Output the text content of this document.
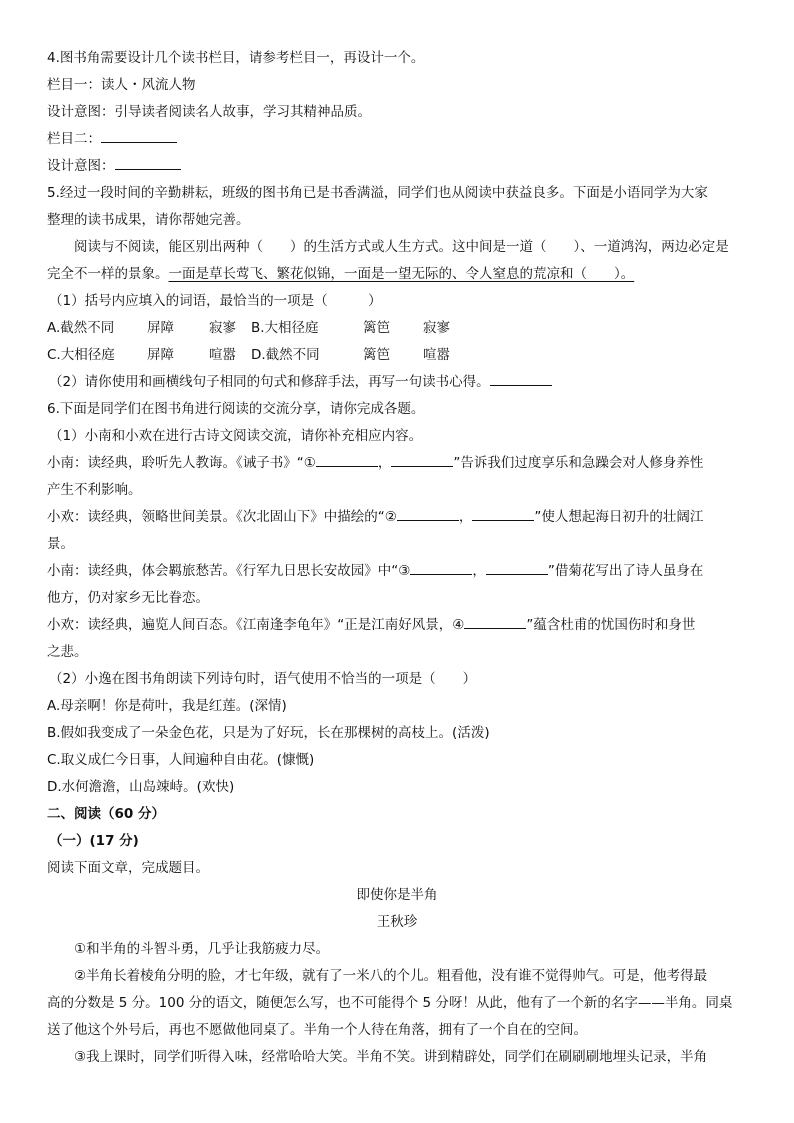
4.图书角需要设计几个读书栏目，请参考栏目一，再设计一个。
栏目一：读人・风流人物
设计意图：引导读者阅读名人故事，学习其精神品质。
栏目二：
设计意图：
5.经过一段时间的辛勤耕耘，班级的图书角已是书香满溢，同学们也从阅读中获益良多。下面是小语同学为大家
整理的读书成果，请你帮她完善。
阅读与不阅读，能区别出两种（　　）的生活方式或人生方式。这中间是一道（　　）、一道鸿沟，两边必定是
完全不一样的景象。一面是草长莺飞、繁花似锦，一面是一望无际的、令人窒息的荒凉和（　　）。
（1）括号内应填入的词语，最恰当的一项是（　　　）
A.截然不同 屏障	寂寥 B.大相径庭	篱笆 寂寥
C.大相径庭 屏障	喧嚣 D.截然不同	篱笆 喧嚣
（2）请你使用和画横线句子相同的句式和修辞手法，再写一句读书心得。
6.下面是同学们在图书角进行阅读的交流分享，请你完成各题。
（1）小南和小欢在进行古诗文阅读交流，请你补充相应内容。
小南：读经典，聆听先人教诲。《诫子书》“①	，	”告诉我们过度享乐和急躁会对人修身养性
产生不利影响。
小欢：读经典，领略世间美景。《次北固山下》中描绘的“②	，	”使人想起海日初升的壮阔江
景。
小南：读经典，体会羁旅愁苦。《行军九日思长安故园》中“③	，	”借菊花写出了诗人虽身在
他方，仍对家乡无比眷恋。
小欢：读经典，遍览人间百态。《江南逢李龟年》“正是江南好风景，④	”蕴含杜甫的忧国伤时和身世
之悲。
（2）小逸在图书角朗读下列诗句时，语气使用不恰当的一项是（　　）
A.母亲啊！你是荷叶，我是红莲。(深情)
B.假如我变成了一朵金色花，只是为了好玩，长在那棵树的高枝上。(活泼)
C.取义成仁今日事，人间遍种自由花。(慷慨)
D.水何澹澹，山岛竦峙。(欢快)
二、阅读（60 分）
（一）(17 分)
阅读下面文章，完成题目。
即使你是半角
王秋珍
①和半角的斗智斗勇，几乎让我筋疲力尽。
②半角长着棱角分明的脸，才七年级，就有了一米八的个儿。粗看他，没有谁不觉得帅气。可是，他考得最
高的分数是 5 分。100 分的语文，随便怎么写，也不可能得个 5 分呀！从此，他有了一个新的名字——半角。同桌
送了他这个外号后，再也不愿做他同桌了。半角一个人待在角落，拥有了一个自在的空间。
③我上课时，同学们听得入味，经常哈哈大笑。半角不笑。讲到精辟处，同学们在刷刷刷地埋头记录，半角
